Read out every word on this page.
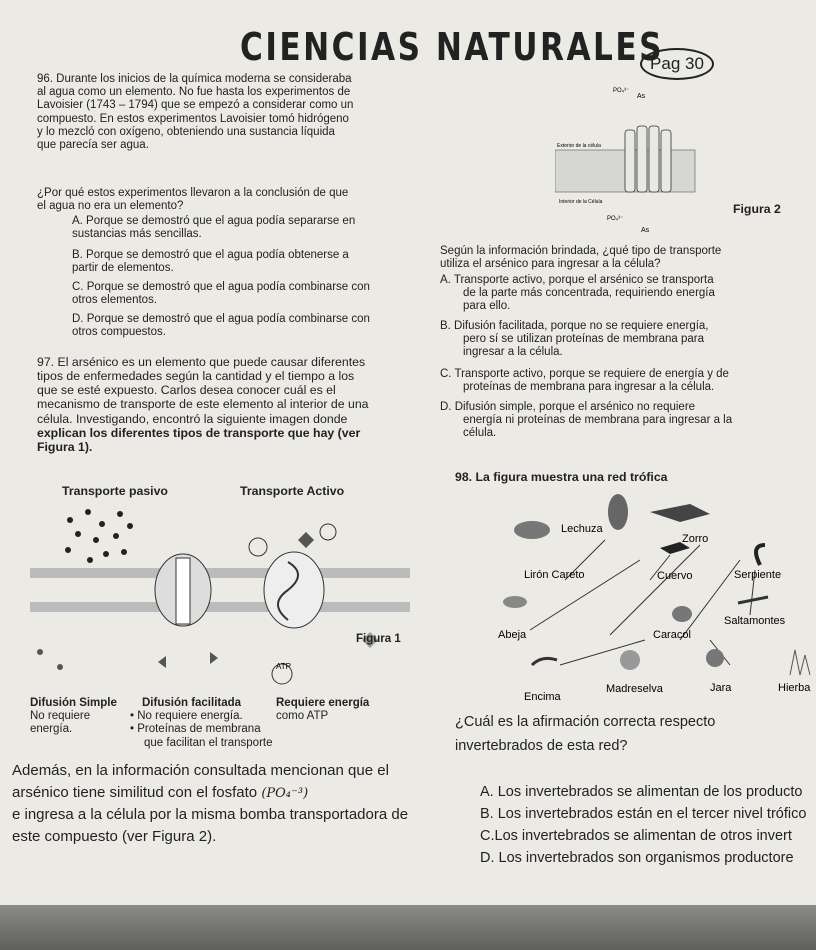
CIENCIAS NATURALES
Pag 30
96. Durante los inicios de la química moderna se consideraba
al agua como un elemento. No fue hasta los experimentos de
Lavoisier (1743 – 1794) que se empezó a considerar como un
compuesto. En estos experimentos Lavoisier tomó hidrógeno
y lo mezcló con oxígeno, obteniendo una sustancia líquida
que parecía ser agua.
¿Por qué estos experimentos llevaron a la conclusión de que
el agua no era un elemento?
A. Porque se demostró que el agua podía separarse en
sustancias más sencillas.
B. Porque se demostró que el agua podía obtenerse a
partir de elementos.
C. Porque se demostró que el agua podía combinarse con
otros elementos.
D. Porque se demostró que el agua podía combinarse con
otros compuestos.
PO₄³⁻
As
Exterior de la célula
Interior de la Célula
PO₄³⁻
As
Figura 2
Según la información brindada, ¿qué tipo de transporte
utiliza el arsénico para ingresar a la célula?
A. Transporte activo, porque el arsénico se transporta
de la parte más concentrada, requiriendo energía
para ello.
B. Difusión facilitada, porque no se requiere energía,
pero sí se utilizan proteínas de membrana para
ingresar a la célula.
C. Transporte activo, porque se requiere de energía y de
proteínas de membrana para ingresar a la célula.
D. Difusión simple, porque el arsénico no requiere
energía ni proteínas de membrana para ingresar a la
célula.
97. El arsénico es un elemento que puede causar diferentes
tipos de enfermedades según la cantidad y el tiempo a los
que se esté expuesto. Carlos desea conocer cuál es el
mecanismo de transporte de este elemento al interior de una
célula. Investigando, encontró la siguiente imagen donde
explican los diferentes tipos de transporte que hay (ver
Figura 1).
Transporte pasivo	Transporte Activo
ATP
Figura 1
Difusión Simple
No requiere
energía.
Difusión facilitada
• No requiere energía.
• Proteínas de membrana
que facilitan el transporte
Requiere energía
como ATP
Además, en la información consultada mencionan que el
arsénico tiene similitud con el fosfato (PO₄⁻³)
e ingresa a la célula por la misma bomba transportadora de
este compuesto (ver Figura 2).
98. La figura muestra una red trófica
Lechuza
Zorro
Lirón Careto	Cuervo	Serpiente
Saltamontes
Abeja	Caracol
Madreselva	Jara	Hierba
Encima
¿Cuál es la afirmación correcta respecto
invertebrados de esta red?
A. Los invertebrados se alimentan de los producto
B. Los invertebrados están en el tercer nivel tróficо
C.Los invertebrados se alimentan de otros invert
D. Los invertebrados son organismos productore
